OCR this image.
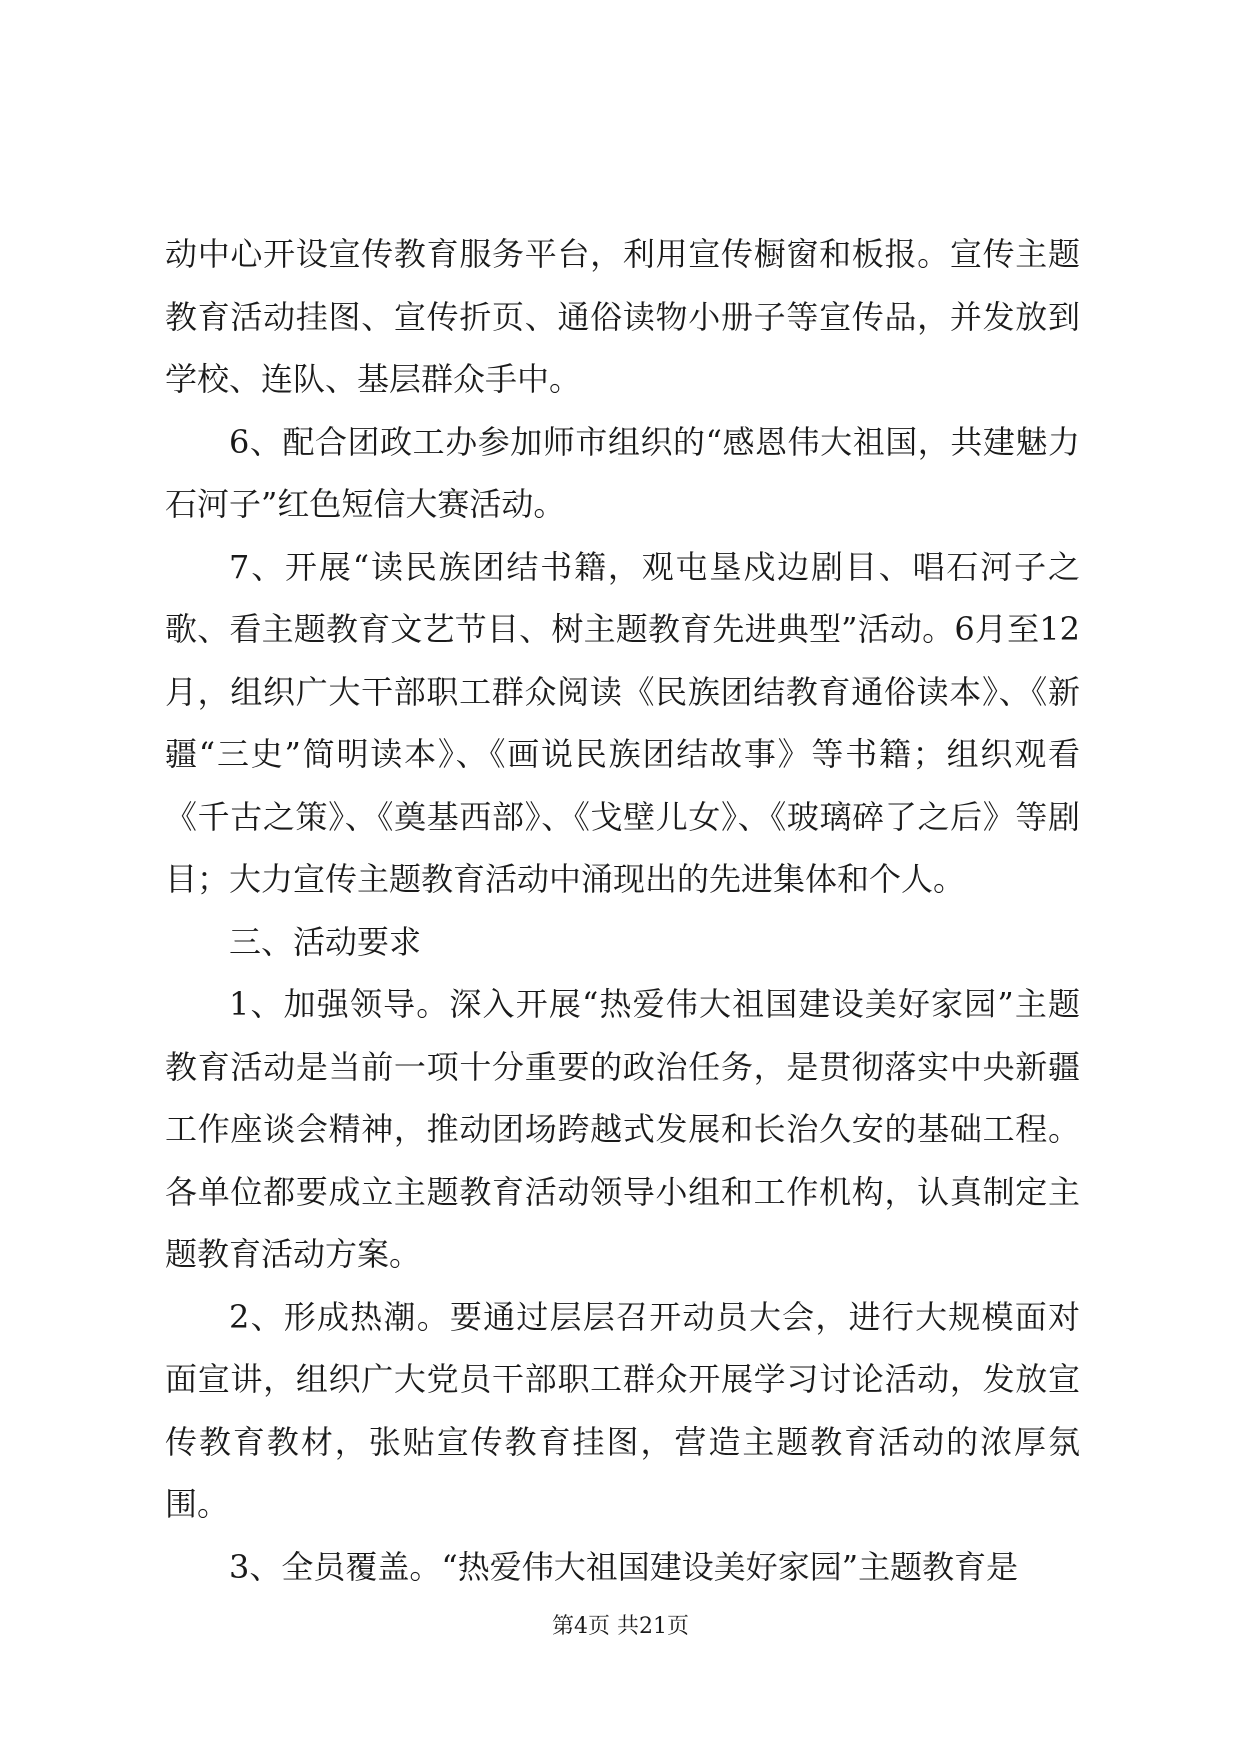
动中心开设宣传教育服务平台，利用宣传橱窗和板报。宣传主题教育活动挂图、宣传折页、通俗读物小册子等宣传品，并发放到学校、连队、基层群众手中。

6、配合团政工办参加师市组织的“感恩伟大祖国，共建魅力石河子”红色短信大赛活动。

7、开展“读民族团结书籍，观屯垦戍边剧目、唱石河子之歌、看主题教育文艺节目、树主题教育先进典型”活动。6月至12月，组织广大干部职工群众阅读《民族团结教育通俗读本》、《新疆“三史”简明读本》、《画说民族团结故事》等书籍；组织观看《千古之策》、《奠基西部》、《戈壁儿女》、《玻璃碎了之后》等剧目；大力宣传主题教育活动中涌现出的先进集体和个人。

三、活动要求

1、加强领导。深入开展“热爱伟大祖国建设美好家园”主题教育活动是当前一项十分重要的政治任务，是贯彻落实中央新疆工作座谈会精神，推动团场跨越式发展和长治久安的基础工程。各单位都要成立主题教育活动领导小组和工作机构，认真制定主题教育活动方案。

2、形成热潮。要通过层层召开动员大会，进行大规模面对面宣讲，组织广大党员干部职工群众开展学习讨论活动，发放宣传教育教材，张贴宣传教育挂图，营造主题教育活动的浓厚氛围。

3、全员覆盖。“热爱伟大祖国建设美好家园”主题教育是

第4页 共21页
